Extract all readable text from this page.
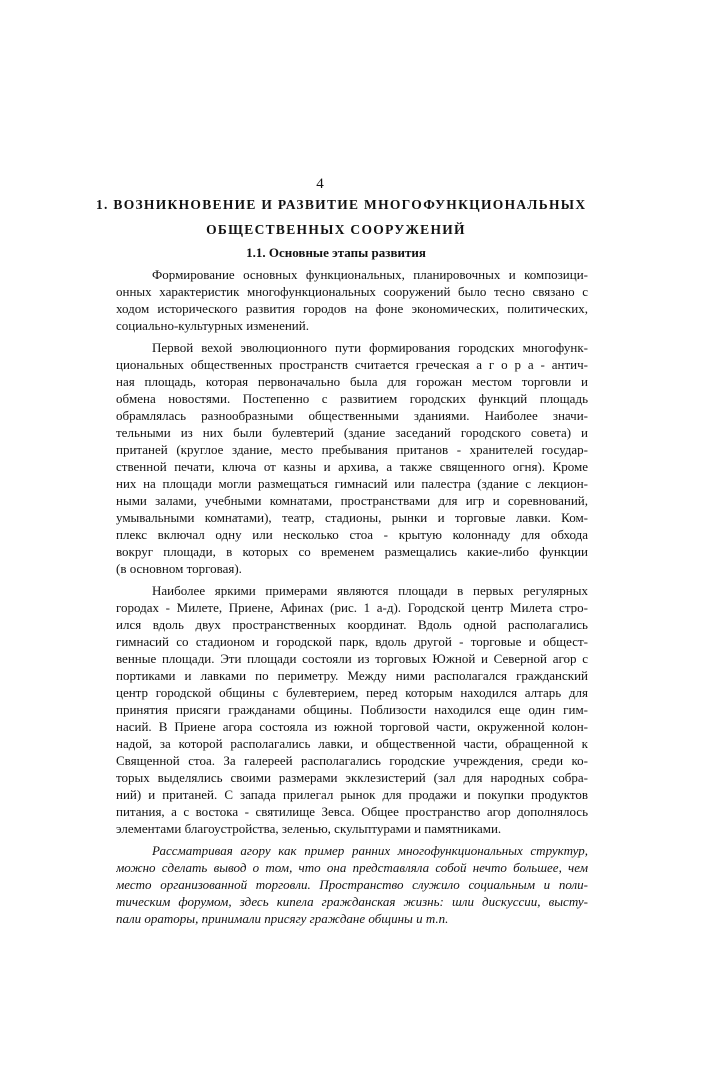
4
1. ВОЗНИКНОВЕНИЕ И РАЗВИТИЕ МНОГОФУНКЦИОНАЛЬНЫХ
ОБЩЕСТВЕННЫХ СООРУЖЕНИЙ
1.1. Основные этапы развития
Формирование основных функциональных, планировочных и композици-
онных характеристик многофункциональных сооружений было тесно связано с
ходом исторического развития городов на фоне экономических, политических,
социально-культурных изменений.
Первой вехой эволюционного пути формирования городских многофунк-
циональных общественных пространств считается греческая а г о р а - антич-
ная площадь, которая первоначально была для горожан местом торговли и
обмена новостями. Постепенно с развитием городских функций площадь
обрамлялась разнообразными общественными зданиями. Наиболее значи-
тельными из них были булевтерий (здание заседаний городского совета) и
пританей (круглое здание, место пребывания пританов - хранителей государ-
ственной печати, ключа от казны и архива, а также священного огня). Кроме
них на площади могли размещаться гимнасий или палестра (здание с лекцион-
ными залами, учебными комнатами, пространствами для игр и соревнований,
умывальными комнатами), театр, стадионы, рынки и торговые лавки. Ком-
плекс включал одну или несколько стоа - крытую колоннаду для обхода
вокруг площади, в которых со временем размещались какие-либо функции
(в основном торговая).
Наиболее яркими примерами являются площади в первых регулярных
городах - Милете, Приене, Афинах (рис. 1 а-д). Городской центр Милета стро-
ился вдоль двух пространственных координат. Вдоль одной располагались
гимнасий со стадионом и городской парк, вдоль другой - торговые и общест-
венные площади. Эти площади состояли из торговых Южной и Северной агор с
портиками и лавками по периметру. Между ними располагался гражданский
центр городской общины с булевтерием, перед которым находился алтарь для
принятия присяги гражданами общины. Поблизости находился еще один гим-
насий. В Приене агора состояла из южной торговой части, окруженной колон-
надой, за которой располагались лавки, и общественной части, обращенной к
Священной стоа. За галереей располагались городские учреждения, среди ко-
торых выделялись своими размерами экклезистерий (зал для народных собра-
ний) и пританей. С запада прилегал рынок для продажи и покупки продуктов
питания, а с востока - святилище Зевса. Общее пространство агор дополнялось
элементами благоустройства, зеленью, скульптурами и памятниками.
Рассматривая агору как пример ранних многофункциональных структур,
можно сделать вывод о том, что она представляла собой нечто большее, чем
место организованной торговли. Пространство служило социальным и поли-
тическим форумом, здесь кипела гражданская жизнь: шли дискуссии, высту-
пали ораторы, принимали присягу граждане общины и т.п.
